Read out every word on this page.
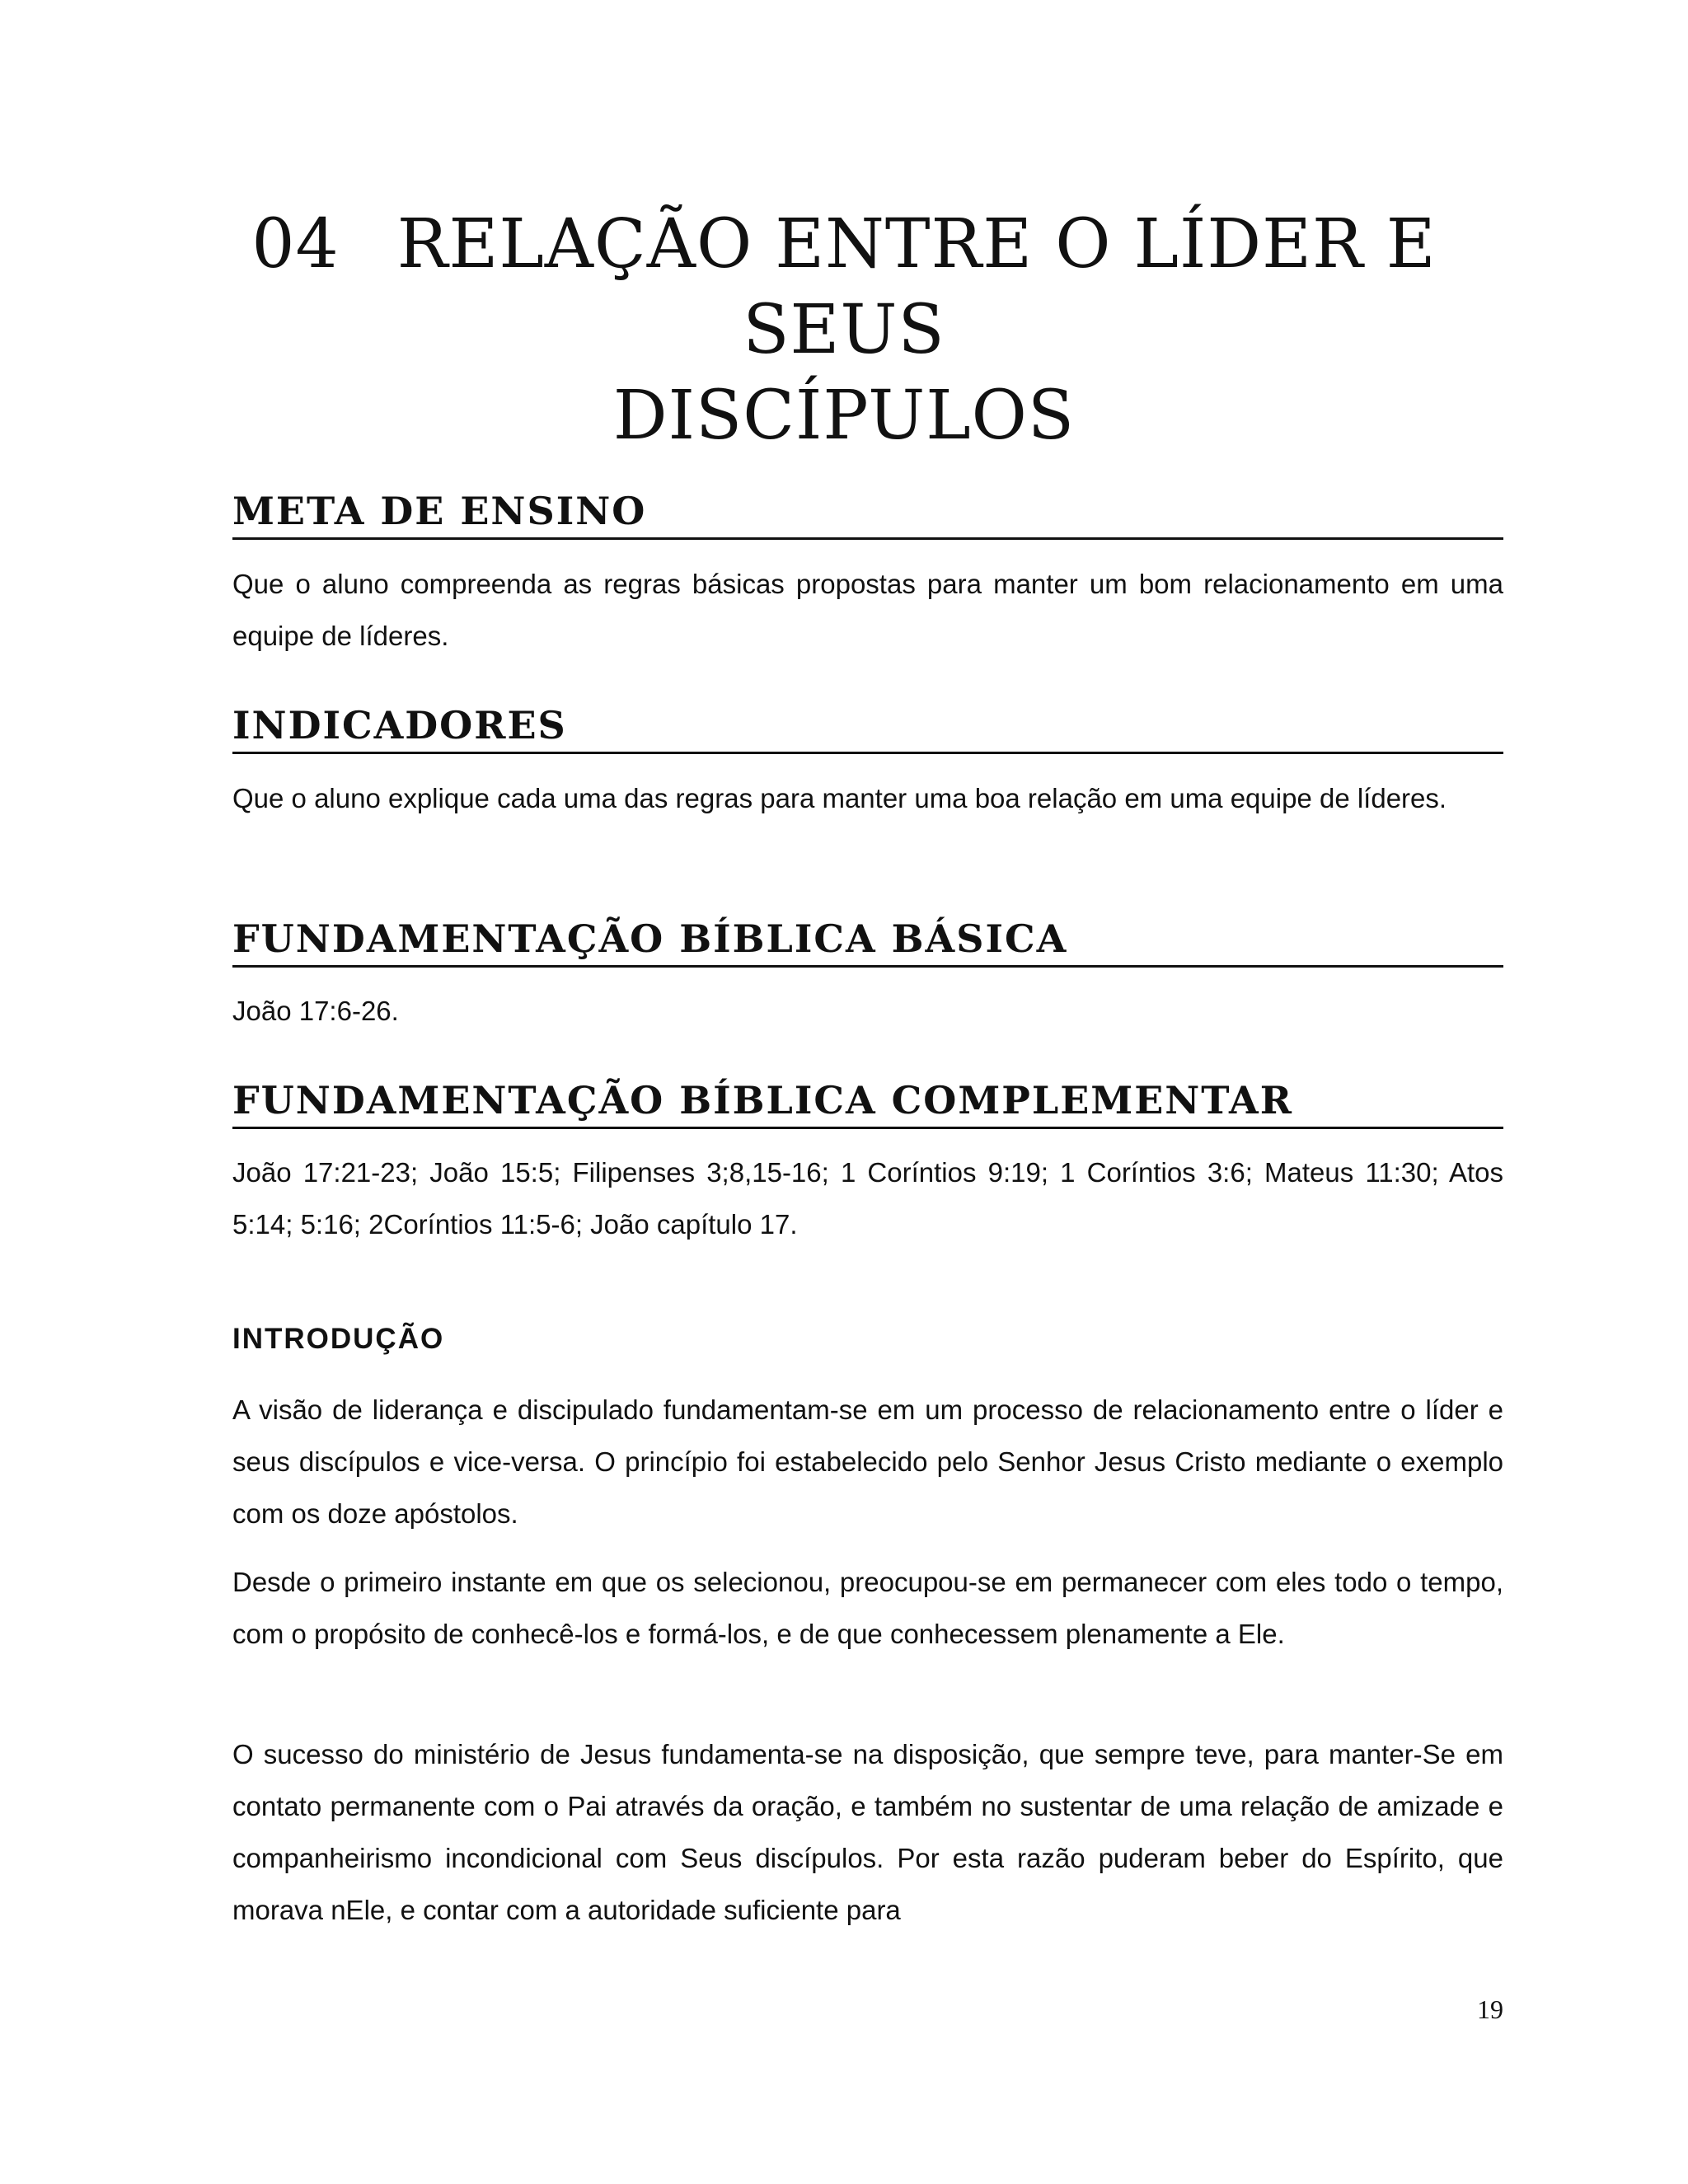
04 RELAÇÃO ENTRE O LÍDER E
SEUS
DISCÍPULOS
META DE ENSINO

Que o aluno compreenda as regras básicas propostas para manter um bom relacionamento em uma equipe de líderes.

INDICADORES

Que o aluno explique cada uma das regras para manter uma boa relação em uma equipe de líderes.

FUNDAMENTAÇÃO BÍBLICA BÁSICA

João 17:6-26.

FUNDAMENTAÇÃO BÍBLICA COMPLEMENTAR

João 17:21-23; João 15:5; Filipenses 3;8,15-16; 1 Coríntios 9:19; 1 Coríntios 3:6; Mateus 11:30; Atos 5:14; 5:16; 2Coríntios 11:5-6; João capítulo 17.

INTRODUÇÃO

A visão de liderança e discipulado fundamentam-se em um processo de relacionamento entre o líder e seus discípulos e vice-versa. O princípio foi estabelecido pelo Senhor Jesus Cristo mediante o exemplo com os doze apóstolos.

Desde o primeiro instante em que os selecionou, preocupou-se em permanecer com eles todo o tempo, com o propósito de conhecê-los e formá-los, e de que conhecessem plenamente a Ele.

O sucesso do ministério de Jesus fundamenta-se na disposição, que sempre teve, para manter-Se em contato permanente com o Pai através da oração, e também no sustentar de uma relação de amizade e companheirismo incondicional com Seus discípulos. Por esta razão puderam beber do Espírito, que morava nEle, e contar com a autoridade suficiente para

19
